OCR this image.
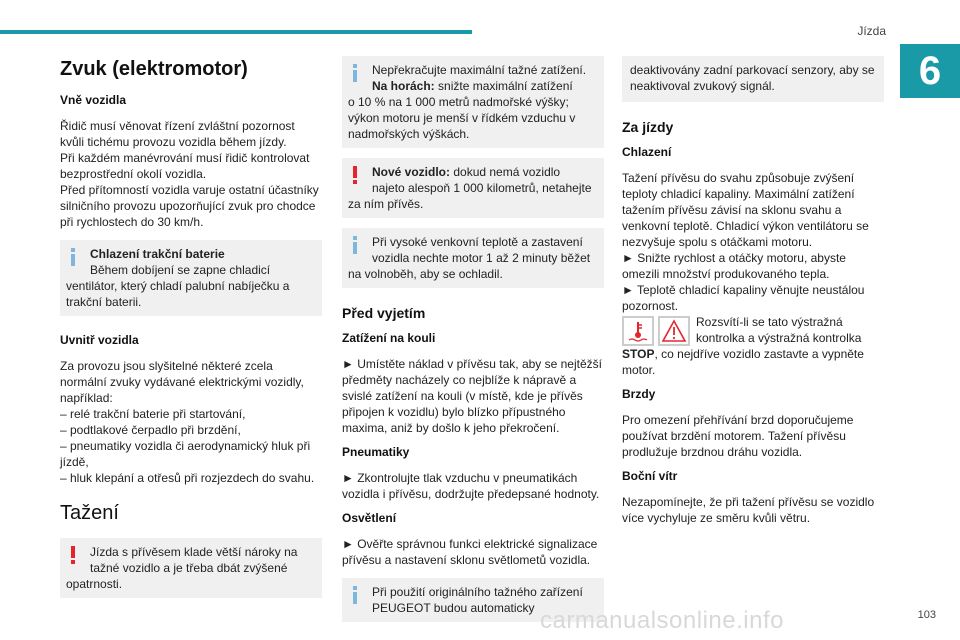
Jízda
6
Zvuk (elektromotor)
Vně vozidla

Řidič musí věnovat řízení zvláštní pozornost kvůli tichému provozu vozidla během jízdy.

Při každém manévrování musí řidič kontrolovat bezprostřední okolí vozidla.

Před přítomností vozidla varuje ostatní účastníky silničního provozu upozorňující zvuk pro chodce při rychlostech do 30 km/h.

Chlazení trakční baterie
Během dobíjení se zapne chladicí
ventilátor, který chladí palubní nabíječku a trakční baterii.
Uvnitř vozidla

Za provozu jsou slyšitelné některé zcela normální zvuky vydávané elektrickými vozidly, například:

– relé trakční baterie při startování,

– podtlakové čerpadlo při brzdění,

– pneumatiky vozidla či aerodynamický hluk při jízdě,

– hluk klepání a otřesů při rozjezdech do svahu.

Tažení
Jízda s přívěsem klade větší nároky na
tažné vozidlo a je třeba dbát zvýšené
opatrnosti.
Nepřekračujte maximální tažné zatížení.
Na horách: snižte maximální zatížení
o 10 % na 1 000 metrů nadmořské výšky; výkon motoru je menší v řídkém vzduchu v nadmořských výškách.
Nové vozidlo: dokud nemá vozidlo
najeto alespoň 1 000 kilometrů, netahejte
za ním přívěs.
Při vysoké venkovní teplotě a zastavení
vozidla nechte motor 1 až 2 minuty běžet
na volnoběh, aby se ochladil.
Před vyjetím
Zatížení na kouli

► Umístěte náklad v přívěsu tak, aby se nejtěžší předměty nacházely co nejblíže k nápravě a svislé zatížení na kouli (v místě, kde je přívěs připojen k vozidlu) bylo blízko přípustného maxima, aniž by došlo k jeho překročení.

Pneumatiky

► Zkontrolujte tlak vzduchu v pneumatikách vozidla i přívěsu, dodržujte předepsané hodnoty.

Osvětlení

► Ověřte správnou funkci elektrické signalizace přívěsu a nastavení sklonu světlometů vozidla.

Při použití originálního tažného zařízení
PEUGEOT budou automaticky
deaktivovány zadní parkovací senzory, aby se neaktivoval zvukový signál.
Za jízdy
Chlazení

Tažení přívěsu do svahu způsobuje zvýšení teploty chladicí kapaliny. Maximální zatížení tažením přívěsu závisí na sklonu svahu a venkovní teplotě. Chladicí výkon ventilátoru se nezvyšuje spolu s otáčkami motoru.

► Snižte rychlost a otáčky motoru, abyste omezili množství produkovaného tepla.

► Teplotě chladicí kapaliny věnujte neustálou pozornost.

Rozsvítí-li se tato výstražná

kontrolka a výstražná kontrolka

STOP, co nejdříve vozidlo zastavte a vypněte motor.

Brzdy

Pro omezení přehřívání brzd doporučujeme používat brzdění motorem. Tažení přívěsu prodlužuje brzdnou dráhu vozidla.

Boční vítr

Nezapomínejte, že při tažení přívěsu se vozidlo více vychyluje ze směru kvůli větru.

carmanualsonline.info	103
